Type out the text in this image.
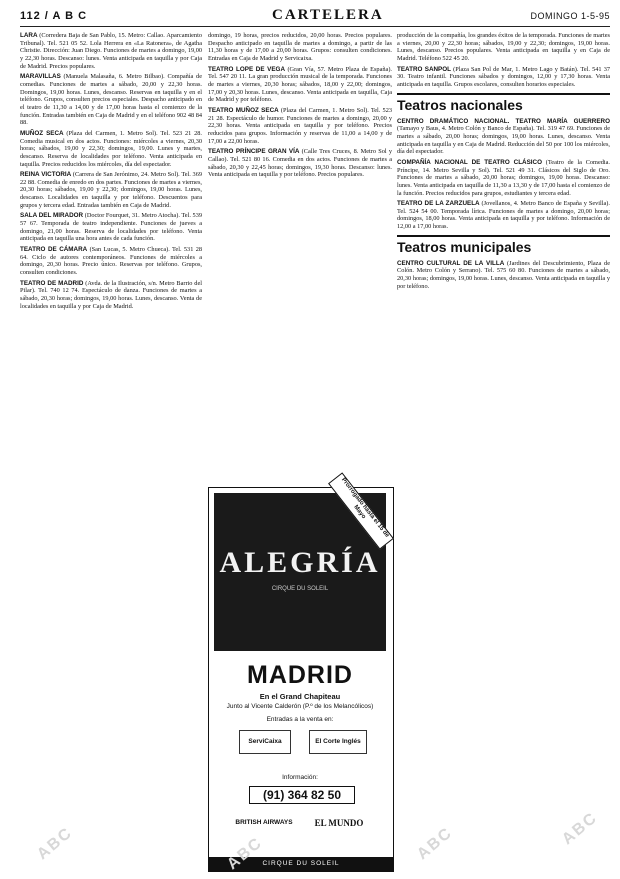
112 / A B C	CARTELERA	DOMINGO 1-5-95

LARA (Corredera Baja de San Pablo, 15. Metro: Callao. Aparcamiento Tribunal). Tel. 521 05 52. Lola Herrera en «La Ratonera», de Agatha Christie. Dirección: Juan Diego. Funciones de martes a domingo, 19,00 y 22,30 horas. Descanso: lunes. Venta anticipada en taquilla y por Caja de Madrid. Precios populares.

MARAVILLAS (Manuela Malasaña, 6. Metro Bilbao). Compañía de comedias. Funciones de martes a sábado, 20,00 y 22,30 horas. Domingos, 19,00 horas. Lunes, descanso. Reservas en taquilla y en el teléfono. Grupos, consulten precios especiales. Despacho anticipado en el teatro de 11,30 a 14,00 y de 17,00 horas hasta el comienzo de la función. Entradas también en Caja de Madrid y en el teléfono 902 48 84 88.

MUÑOZ SECA (Plaza del Carmen, 1. Metro Sol). Tel. 523 21 28. Comedia musical en dos actos. Funciones: miércoles a viernes, 20,30 horas; sábados, 19,00 y 22,30; domingos, 19,00. Lunes y martes, descanso. Reserva de localidades por teléfono. Venta anticipada en taquilla. Precios reducidos los miércoles, día del espectador.

REINA VICTORIA (Carrera de San Jerónimo, 24. Metro Sol). Tel. 369 22 88. Comedia de enredo en dos partes. Funciones de martes a viernes, 20,30 horas; sábados, 19,00 y 22,30; domingos, 19,00 horas. Lunes, descanso. Localidades en taquilla y por teléfono. Descuentos para grupos y tercera edad. Entradas también en Caja de Madrid.

SALA DEL MIRADOR (Doctor Fourquet, 31. Metro Atocha). Tel. 539 57 67. Temporada de teatro independiente. Funciones de jueves a domingo, 21,00 horas. Reserva de localidades por teléfono. Venta anticipada en taquilla una hora antes de cada función.

TEATRO DE CÁMARA (San Lucas, 5. Metro Chueca). Tel. 531 28 64. Ciclo de autores contemporáneos. Funciones de miércoles a domingo, 20,30 horas. Precio único. Reservas por teléfono. Grupos, consulten condiciones.

TEATRO DE MADRID (Avda. de la Ilustración, s/n. Metro Barrio del Pilar). Tel. 740 12 74. Espectáculo de danza. Funciones de martes a sábado, 20,30 horas; domingos, 19,00 horas. Lunes, descanso. Venta de localidades en taquilla y por Caja de Madrid.

domingo, 19 horas, precios reducidos, 20,00 horas. Precios populares. Despacho anticipado en taquilla de martes a domingo, a partir de las 11,30 horas y de 17,00 a 20,00 horas. Grupos: consulten condiciones. Entradas en Caja de Madrid y Servicaixa.

TEATRO LOPE DE VEGA (Gran Vía, 57. Metro Plaza de España). Tel. 547 20 11. La gran producción musical de la temporada. Funciones de martes a viernes, 20,30 horas; sábados, 18,00 y 22,00; domingos, 17,00 y 20,30 horas. Lunes, descanso. Venta anticipada en taquilla, Caja de Madrid y por teléfono.

TEATRO MUÑOZ SECA (Plaza del Carmen, 1. Metro Sol). Tel. 523 21 28. Espectáculo de humor. Funciones de martes a domingo, 20,00 y 22,30 horas. Venta anticipada en taquilla y por teléfono. Precios reducidos para grupos. Información y reservas de 11,00 a 14,00 y de 17,00 a 22,00 horas.

TEATRO PRÍNCIPE GRAN VÍA (Calle Tres Cruces, 8. Metro Sol y Callao). Tel. 521 80 16. Comedia en dos actos. Funciones de martes a sábado, 20,30 y 22,45 horas; domingos, 19,30 horas. Descanso: lunes. Venta anticipada en taquilla y por teléfono. Precios populares.

ALEGRÍA
CIRQUE DU SOLEIL
Prorrogado hasta el 15 de Mayo
MADRID
En el Grand Chapiteau
Junto al Vicente Calderón (P.º de los Melancólicos)
Entradas a la venta en:
ServiCaixa	El Corte Inglés
Información:
(91) 364 82 50
BRITISH AIRWAYS	EL MUNDO
CIRQUE DU SOLEIL

producción de la compañía, los grandes éxitos de la temporada. Funciones de martes a viernes, 20,00 y 22,30 horas; sábados, 19,00 y 22,30; domingos, 19,00 horas. Lunes, descanso. Precios populares. Venta anticipada en taquilla y en Caja de Madrid. Teléfono 522 45 20.

TEATRO SANPOL (Plaza San Pol de Mar, 1. Metro Lago y Batán). Tel. 541 37 30. Teatro infantil. Funciones sábados y domingos, 12,00 y 17,30 horas. Venta anticipada en taquilla. Grupos escolares, consulten horarios especiales.

Teatros nacionales

CENTRO DRAMÁTICO NACIONAL. TEATRO MARÍA GUERRERO (Tamayo y Baus, 4. Metro Colón y Banco de España). Tel. 319 47 69. Funciones de martes a sábado, 20,00 horas; domingos, 19,00 horas. Lunes, descanso. Venta anticipada en taquilla y en Caja de Madrid. Reducción del 50 por 100 los miércoles, día del espectador.

COMPAÑÍA NACIONAL DE TEATRO CLÁSICO (Teatro de la Comedia. Príncipe, 14. Metro Sevilla y Sol). Tel. 521 49 31. Clásicos del Siglo de Oro. Funciones de martes a sábado, 20,00 horas; domingos, 19,00 horas. Descanso: lunes. Venta anticipada en taquilla de 11,30 a 13,30 y de 17,00 hasta el comienzo de la función. Precios reducidos para grupos, estudiantes y tercera edad.

TEATRO DE LA ZARZUELA (Jovellanos, 4. Metro Banco de España y Sevilla). Tel. 524 54 00. Temporada lírica. Funciones de martes a domingo, 20,00 horas; domingos, 18,00 horas. Venta anticipada en taquilla y por teléfono. Información de 12,00 a 17,00 horas.

Teatros municipales

CENTRO CULTURAL DE LA VILLA (Jardines del Descubrimiento, Plaza de Colón. Metro Colón y Serrano). Tel. 575 60 80. Funciones de martes a sábado, 20,30 horas; domingos, 19,00 horas. Lunes, descanso. Venta anticipada en taquilla y por teléfono.

ABC	ABC	ABC	ABC
